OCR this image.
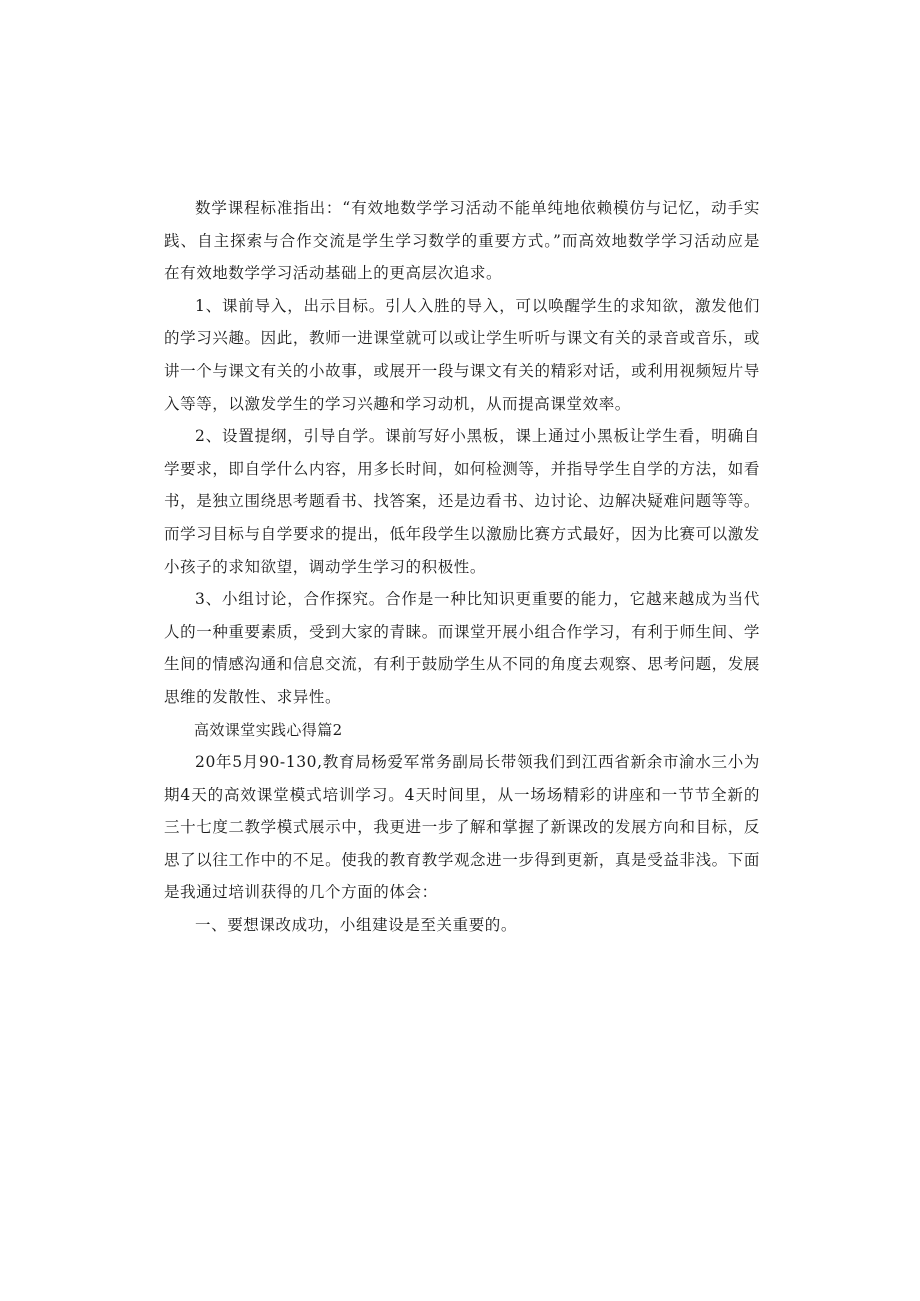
数学课程标准指出：“有效地数学学习活动不能单纯地依赖模仿与记忆，动手实践、自主探索与合作交流是学生学习数学的重要方式。”而高效地数学学习活动应是在有效地数学学习活动基础上的更高层次追求。

1、课前导入，出示目标。引人入胜的导入，可以唤醒学生的求知欲，激发他们的学习兴趣。因此，教师一进课堂就可以或让学生听听与课文有关的录音或音乐，或讲一个与课文有关的小故事，或展开一段与课文有关的精彩对话，或利用视频短片导入等等，以激发学生的学习兴趣和学习动机，从而提高课堂效率。

2、设置提纲，引导自学。课前写好小黑板，课上通过小黑板让学生看，明确自学要求，即自学什么内容，用多长时间，如何检测等，并指导学生自学的方法，如看书，是独立围绕思考题看书、找答案，还是边看书、边讨论、边解决疑难问题等等。而学习目标与自学要求的提出，低年段学生以激励比赛方式最好，因为比赛可以激发小孩子的求知欲望，调动学生学习的积极性。

3、小组讨论，合作探究。合作是一种比知识更重要的能力，它越来越成为当代人的一种重要素质，受到大家的青睐。而课堂开展小组合作学习，有利于师生间、学生间的情感沟通和信息交流，有利于鼓励学生从不同的角度去观察、思考问题，发展思维的发散性、求异性。

高效课堂实践心得篇2

20年5月90-130,教育局杨爱军常务副局长带领我们到江西省新余市渝水三小为期4天的高效课堂模式培训学习。4天时间里，从一场场精彩的讲座和一节节全新的三十七度二教学模式展示中，我更进一步了解和掌握了新课改的发展方向和目标，反思了以往工作中的不足。使我的教育教学观念进一步得到更新，真是受益非浅。下面是我通过培训获得的几个方面的体会：

一、要想课改成功，小组建设是至关重要的。
